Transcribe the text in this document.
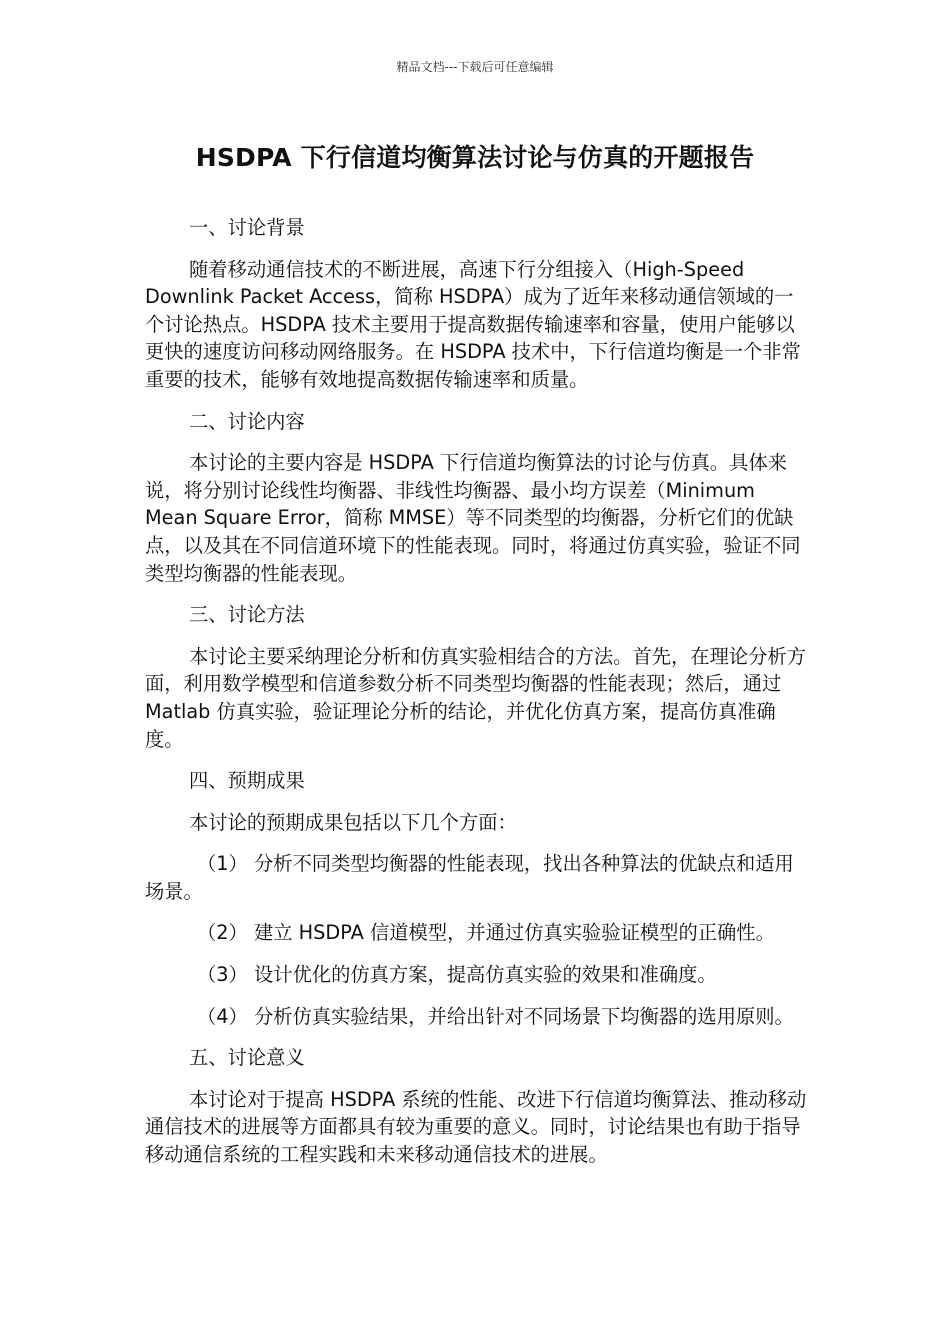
精品文档---下载后可任意编辑
HSDPA 下行信道均衡算法讨论与仿真的开题报告

一、讨论背景

随着移动通信技术的不断进展，高速下行分组接入（High-Speed Downlink Packet Access，简称 HSDPA）成为了近年来移动通信领域的一个讨论热点。HSDPA 技术主要用于提高数据传输速率和容量，使用户能够以更快的速度访问移动网络服务。在 HSDPA 技术中，下行信道均衡是一个非常重要的技术，能够有效地提高数据传输速率和质量。

二、讨论内容

本讨论的主要内容是 HSDPA 下行信道均衡算法的讨论与仿真。具体来说，将分别讨论线性均衡器、非线性均衡器、最小均方误差（Minimum Mean Square Error，简称 MMSE）等不同类型的均衡器，分析它们的优缺点，以及其在不同信道环境下的性能表现。同时，将通过仿真实验，验证不同类型均衡器的性能表现。

三、讨论方法

本讨论主要采纳理论分析和仿真实验相结合的方法。首先，在理论分析方面，利用数学模型和信道参数分析不同类型均衡器的性能表现；然后，通过 Matlab 仿真实验，验证理论分析的结论，并优化仿真方案，提高仿真准确度。

四、预期成果

本讨论的预期成果包括以下几个方面：

（1） 分析不同类型均衡器的性能表现，找出各种算法的优缺点和适用场景。

（2） 建立 HSDPA 信道模型，并通过仿真实验验证模型的正确性。

（3） 设计优化的仿真方案，提高仿真实验的效果和准确度。

（4） 分析仿真实验结果，并给出针对不同场景下均衡器的选用原则。

五、讨论意义

本讨论对于提高 HSDPA 系统的性能、改进下行信道均衡算法、推动移动通信技术的进展等方面都具有较为重要的意义。同时，讨论结果也有助于指导移动通信系统的工程实践和未来移动通信技术的进展。
